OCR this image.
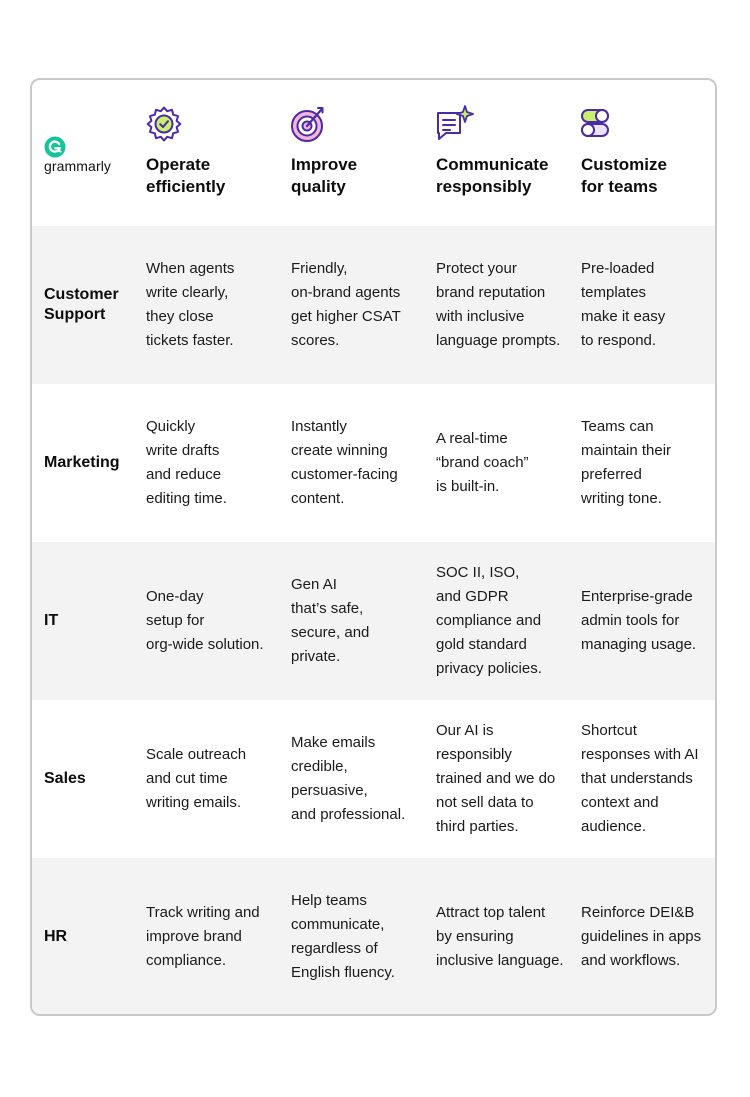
grammarly Operate
efficiently
Improve
quality
Communicate
responsibly
Customize
for teams
Customer
Support
When agents
write clearly,
they close
tickets faster.
Friendly,
on-brand agents
get higher CSAT
scores.
Protect your
brand reputation
with inclusive
language prompts.
Pre-loaded
templates
make it easy
to respond.
Marketing
Quickly
write drafts
and reduce
editing time.
Instantly
create winning
customer-facing
content.
A real-time
“brand coach”
is built-in.
Teams can
maintain their
preferred
writing tone.
IT
One-day
setup for
org-wide solution.
Gen AI
that’s safe,
secure, and
private.
SOC II, ISO,
and GDPR
compliance and
gold standard
privacy policies.
Enterprise-grade
admin tools for
managing usage.
Sales
Scale outreach
and cut time
writing emails.
Make emails
credible,
persuasive,
and professional.
Our AI is
responsibly
trained and we do
not sell data to
third parties.
Shortcut
responses with AI
that understands
context and
audience.
HR
Track writing and
improve brand
compliance.
Help teams
communicate,
regardless of
English fluency.
Attract top talent
by ensuring
inclusive language.
Reinforce DEI&B
guidelines in apps
and workflows.
